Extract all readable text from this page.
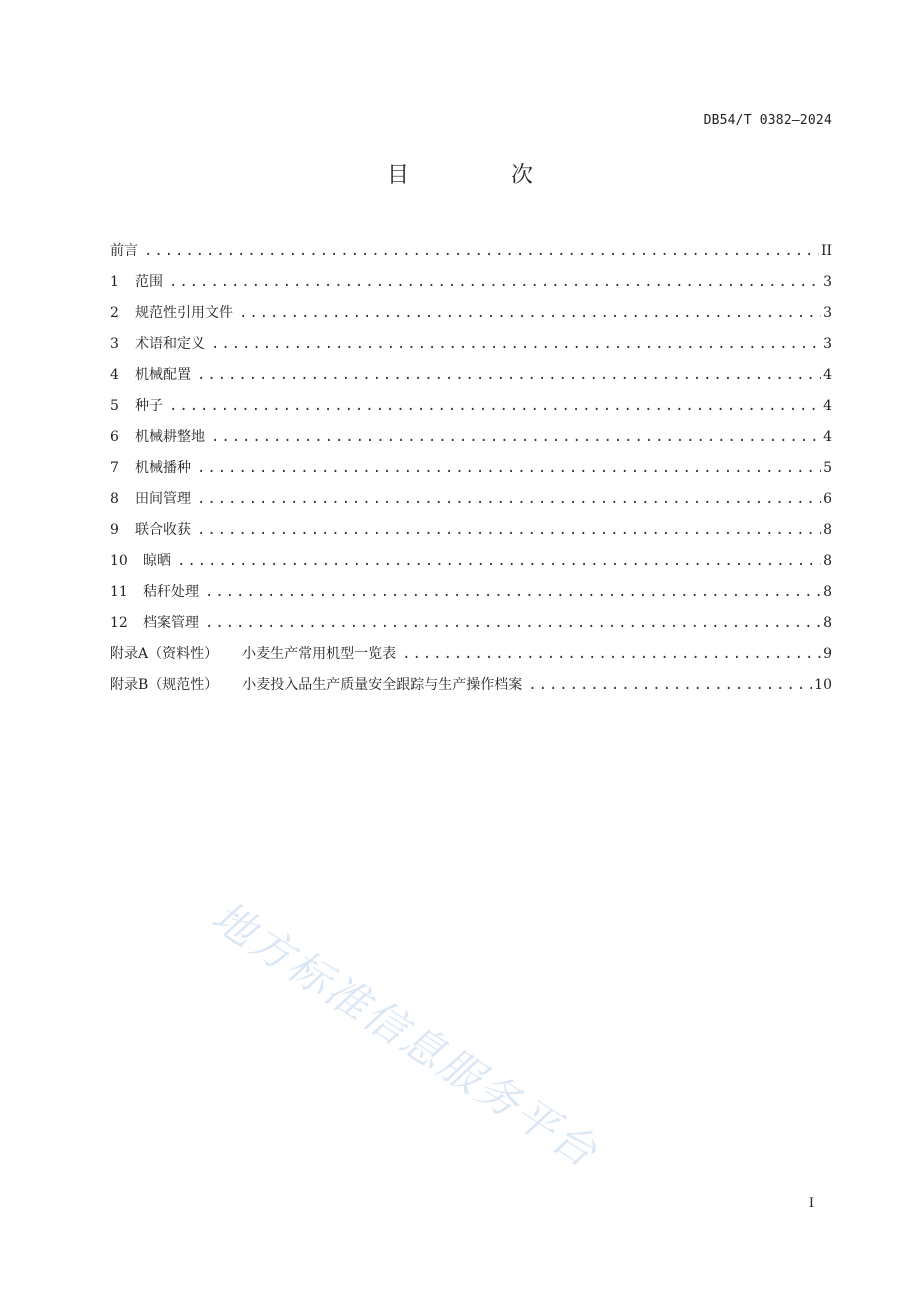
DB54/T 0382—2024
目　次
前言 .....	II
1	范围 .....	3
2	规范性引用文件 .....	3
3	术语和定义 .....	3
4	机械配置 .....	4
5	种子 .....	4
6	机械耕整地 .....	4
7	机械播种 .....	5
8	田间管理 .....	6
9	联合收获 .....	8
10	晾晒 .....	8
11	秸秆处理 .....	8
12	档案管理 .....	8
附录A（资料性） 小麦生产常用机型一览表 .....	9
附录B（规范性） 小麦投入品生产质量安全跟踪与生产操作档案 .....	10
地方标准信息服务平台
I
